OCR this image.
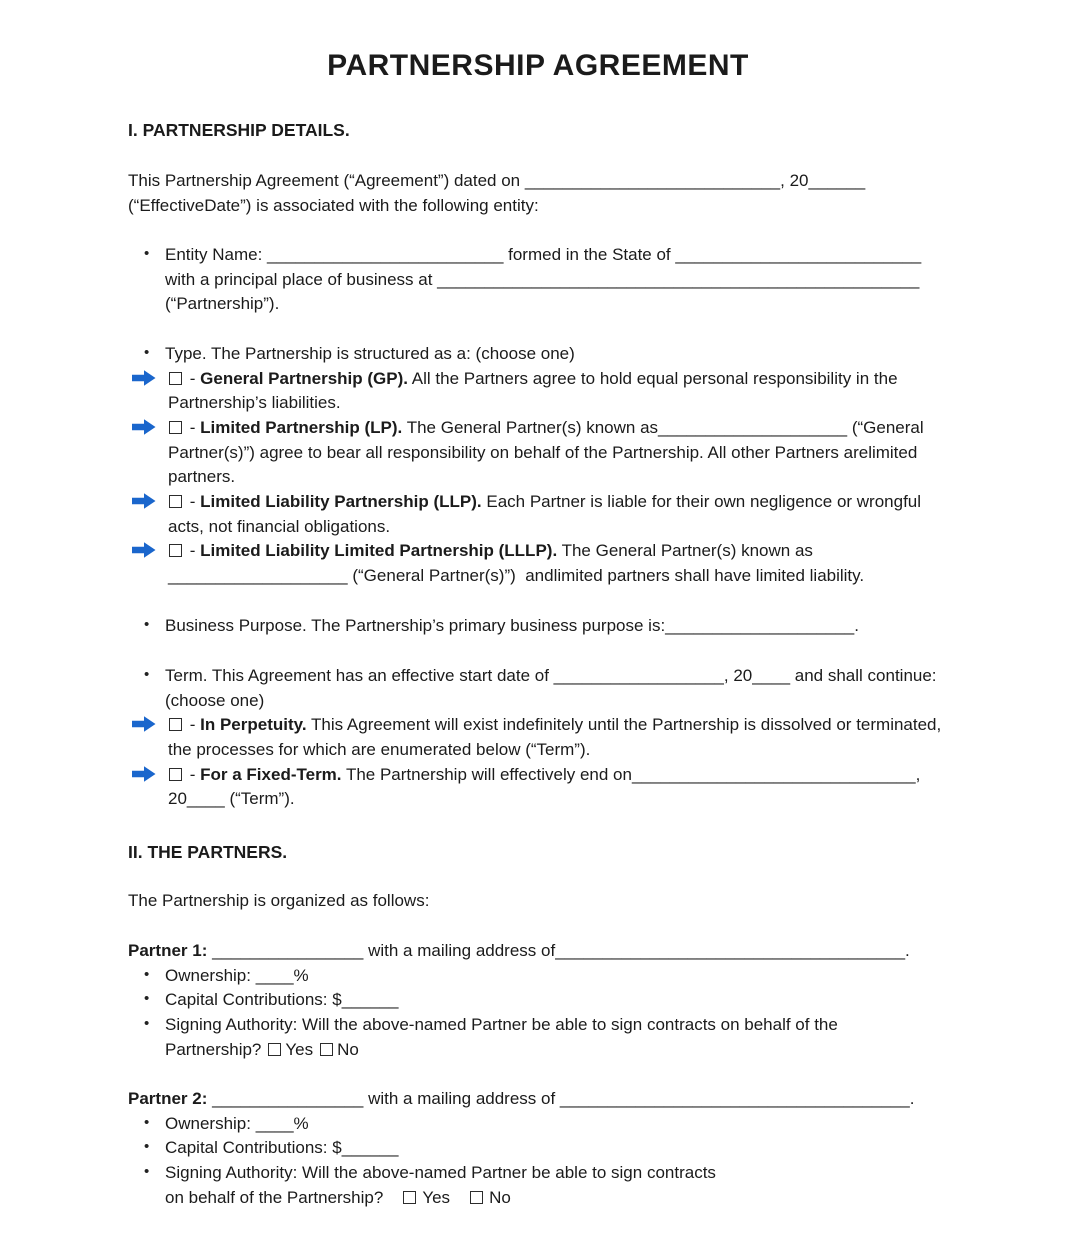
PARTNERSHIP AGREEMENT
I. PARTNERSHIP DETAILS.

This Partnership Agreement (“Agreement”) dated on ___________________________, 20______ (“EffectiveDate”) is associated with the following entity:

•
Entity Name: _________________________ formed in the State of __________________________ with a principal place of business at ___________________________________________________ (“Partnership”).
•
Type. The Partnership is structured as a: (choose one)
- General Partnership (GP). All the Partners agree to hold equal personal responsibility in the Partnership’s liabilities.
- Limited Partnership (LP). The General Partner(s) known as____________________ (“General Partner(s)”) agree to bear all responsibility on behalf of the Partnership. All other Partners arelimited partners.
- Limited Liability Partnership (LLP). Each Partner is liable for their own negligence or wrongful acts, not financial obligations.
- Limited Liability Limited Partnership (LLLP). The General Partner(s) known as ___________________ (“General Partner(s)”)  andlimited partners shall have limited liability.
•
Business Purpose. The Partnership’s primary business purpose is:____________________.
•
Term. This Agreement has an effective start date of __________________, 20____ and shall continue: (choose one)
- In Perpetuity. This Agreement will exist indefinitely until the Partnership is dissolved or terminated, the processes for which are enumerated below (“Term”).
- For a Fixed-Term. The Partnership will effectively end on______________________________, 20____ (“Term”).
II. THE PARTNERS.

The Partnership is organized as follows:

Partner 1: ________________ with a mailing address of_____________________________________.

•
Ownership: ____%
•
Capital Contributions: $______
•
Signing Authority: Will the above-named Partner be able to sign contracts on behalf of the
Partnership? Yes No

Partner 2: ________________ with a mailing address of _____________________________________.

•
Ownership: ____%
•
Capital Contributions: $______
•
Signing Authority: Will the above-named Partner be able to sign contracts
on behalf of the Partnership? Yes No
